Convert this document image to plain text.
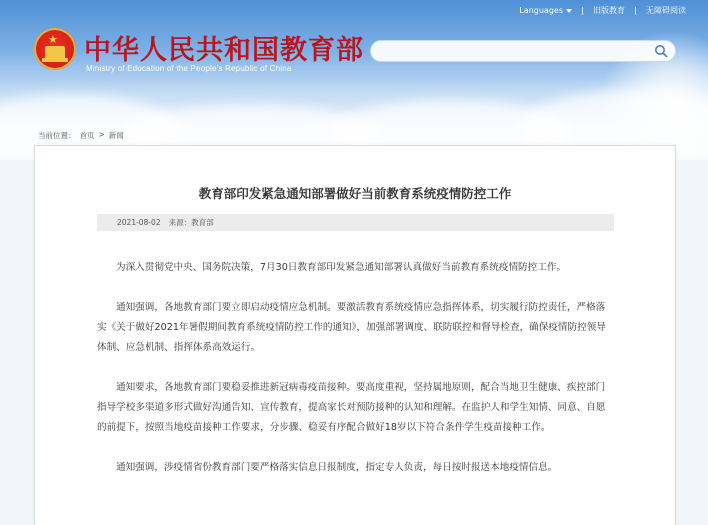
Languages	旧版教育	无障碍阅读
★ 中华人民共和国教育部
Ministry of Education of the People's Republic of China
当前位置： 首页 > 新闻
教育部印发紧急通知部署做好当前教育系统疫情防控工作
2021-08-02 来源：教育部

为深入贯彻党中央、国务院决策，7月30日教育部印发紧急通知部署认真做好当前教育系统疫情防控工作。

通知强调，各地教育部门要立即启动疫情应急机制。要激活教育系统疫情应急指挥体系，切实履行防控责任，严格落实《关于做好2021年暑假期间教育系统疫情防控工作的通知》，加强部署调度、联防联控和督导检查，确保疫情防控领导体制、应急机制、指挥体系高效运行。

通知要求，各地教育部门要稳妥推进新冠病毒疫苗接种。要高度重视，坚持属地原则，配合当地卫生健康、疾控部门指导学校多渠道多形式做好沟通告知、宣传教育，提高家长对预防接种的认知和理解。在监护人和学生知情、同意、自愿的前提下，按照当地疫苗接种工作要求，分步骤、稳妥有序配合做好18岁以下符合条件学生疫苗接种工作。

通知强调，涉疫情省份教育部门要严格落实信息日报制度，指定专人负责，每日按时报送本地疫情信息。
